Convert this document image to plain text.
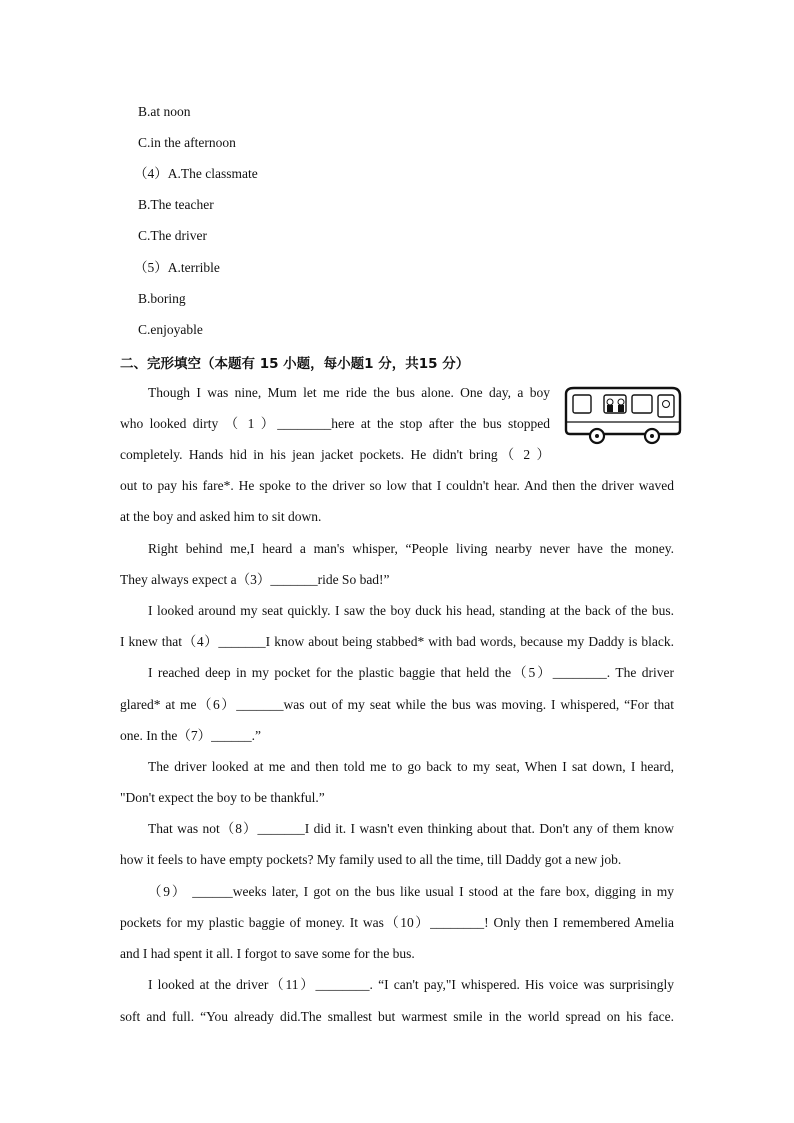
B.at noon
C.in the afternoon
（4）A.The classmate
B.The teacher
C.The driver
（5）A.terrible
B.boring
C.enjoyable
二、完形填空（本题有 15 小题，每小题1 分，共15 分）
Though I was nine, Mum let me ride the bus alone. One day, a boy
who looked dirty （ 1 ）________here at the stop after the bus stopped
completely. Hands hid in his jean jacket pockets. He didn't bring（ 2 ）
out to pay his fare*. He spoke to the driver so low that I couldn't hear. And then the driver waved
at the boy and asked him to sit down.
Right behind me,I heard a man's whisper, “People living nearby never have the money.
They always expect a（3）_______ride So bad!”
I looked around my seat quickly. I saw the boy duck his head, standing at the back of the bus.
I knew that（4）_______I know about being stabbed* with bad words, because my Daddy is black.
I reached deep in my pocket for the plastic baggie that held the（5）________. The driver
glared* at me（6）_______was out of my seat while the bus was moving. I whispered, “For that
one. In the（7）______.”
The driver looked at me and then told me to go back to my seat, When I sat down, I heard,
"Don't expect the boy to be thankful.”
That was not（8）_______I did it. I wasn't even thinking about that. Don't any of them know
how it feels to have empty pockets? My family used to all the time, till Daddy got a new job.
（9） ______weeks later, I got on the bus like usual I stood at the fare box, digging in my
pockets for my plastic baggie of money. It was（10）________! Only then I remembered Amelia
and I had spent it all. I forgot to save some for the bus.
I looked at the driver（11）________. “I can't pay,"I whispered. His voice was surprisingly
soft and full. “You already did.The smallest but warmest smile in the world spread on his face.
